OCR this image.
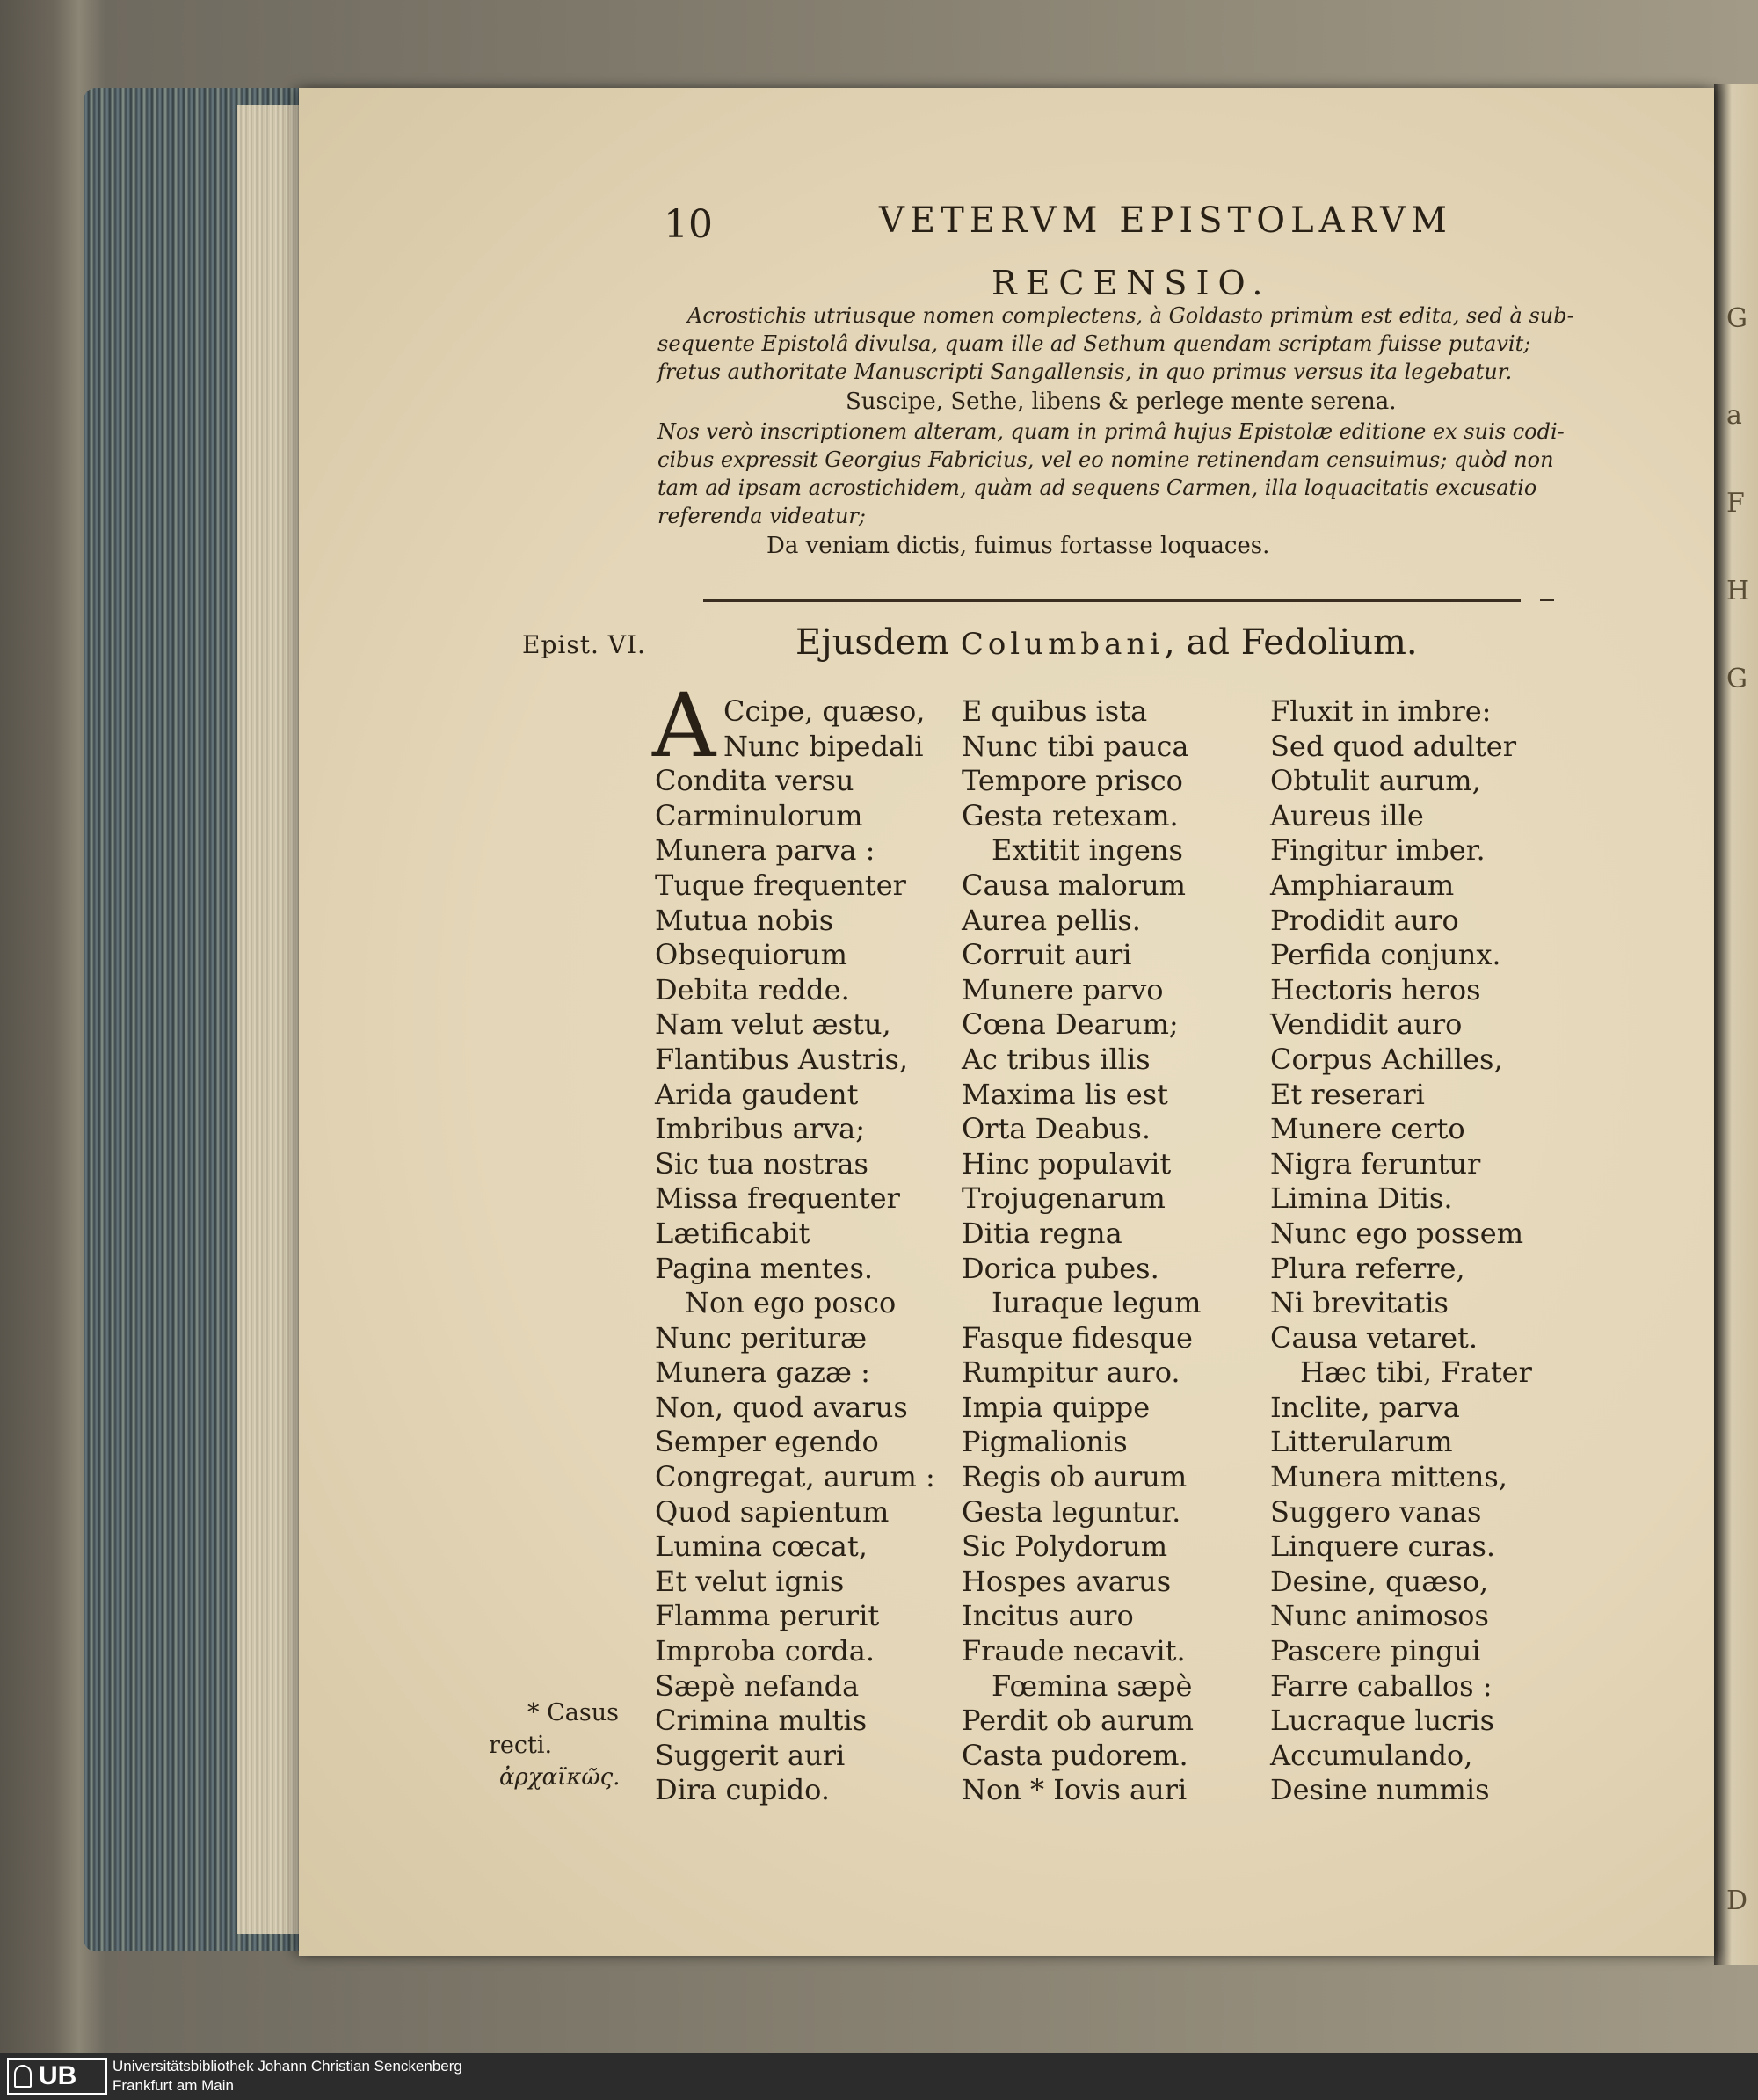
G
a
F
H
G
D
10	VETERVM EPISTOLARVM
RECENSIO.
Acrostichis utriusque nomen complectens, à Goldasto primùm est edita, sed à sub-
sequente Epistolâ divulsa, quam ille ad Sethum quendam scriptam fuisse putavit;
fretus authoritate Manuscripti Sangallensis, in quo primus versus ita legebatur.
Suscipe, Sethe, libens & perlege mente serena.
Nos verò inscriptionem alteram, quam in primâ hujus Epistolæ editione ex suis codi-
cibus expressit Georgius Fabricius, vel eo nomine retinendam censuimus; quòd non
tam ad ipsam acrostichidem, quàm ad sequens Carmen, illa loquacitatis excusatio
referenda videatur;
Da veniam dictis, fuimus fortasse loquaces.
Epist. VI.	Ejusdem Columbani, ad Fedolium.
A Ccipe, quæso,
Nunc bipedali
Condita versu
Carminulorum
Munera parva :
Tuque frequenter
Mutua nobis
Obsequiorum
Debita redde.
Nam velut æstu,
Flantibus Austris,
Arida gaudent
Imbribus arva;
Sic tua nostras
Missa frequenter
Lætificabit
Pagina mentes.
Non ego posco
Nunc perituræ
Munera gazæ :
Non, quod avarus
Semper egendo
Congregat, aurum :
Quod sapientum
Lumina cœcat,
Et velut ignis
Flamma perurit
Improba corda.
Sæpè nefanda
Crimina multis
Suggerit auri
Dira cupido.
E quibus ista
Nunc tibi pauca
Tempore prisco
Gesta retexam.
Extitit ingens
Causa malorum
Aurea pellis.
Corruit auri
Munere parvo
Cœna Dearum;
Ac tribus illis
Maxima lis est
Orta Deabus.
Hinc populavit
Trojugenarum
Ditia regna
Dorica pubes.
Iuraque legum
Fasque fidesque
Rumpitur auro.
Impia quippe
Pigmalionis
Regis ob aurum
Gesta leguntur.
Sic Polydorum
Hospes avarus
Incitus auro
Fraude necavit.
Fœmina sæpè
Perdit ob aurum
Casta pudorem.
Non * Iovis auri
Fluxit in imbre:
Sed quod adulter
Obtulit aurum,
Aureus ille
Fingitur imber.
Amphiaraum
Prodidit auro
Perfida conjunx.
Hectoris heros
Vendidit auro
Corpus Achilles,
Et reserari
Munere certo
Nigra feruntur
Limina Ditis.
Nunc ego possem
Plura referre,
Ni brevitatis
Causa vetaret.
Hæc tibi, Frater
Inclite, parva
Litterularum
Munera mittens,
Suggero vanas
Linquere curas.
Desine, quæso,
Nunc animosos
Pascere pingui
Farre caballos :
Lucraque lucris
Accumulando,
Desine nummis
* Casus
recti.
ἀρχαϊκῶς.
UB	Universitätsbibliothek Johann Christian Senckenberg
Frankfurt am Main
